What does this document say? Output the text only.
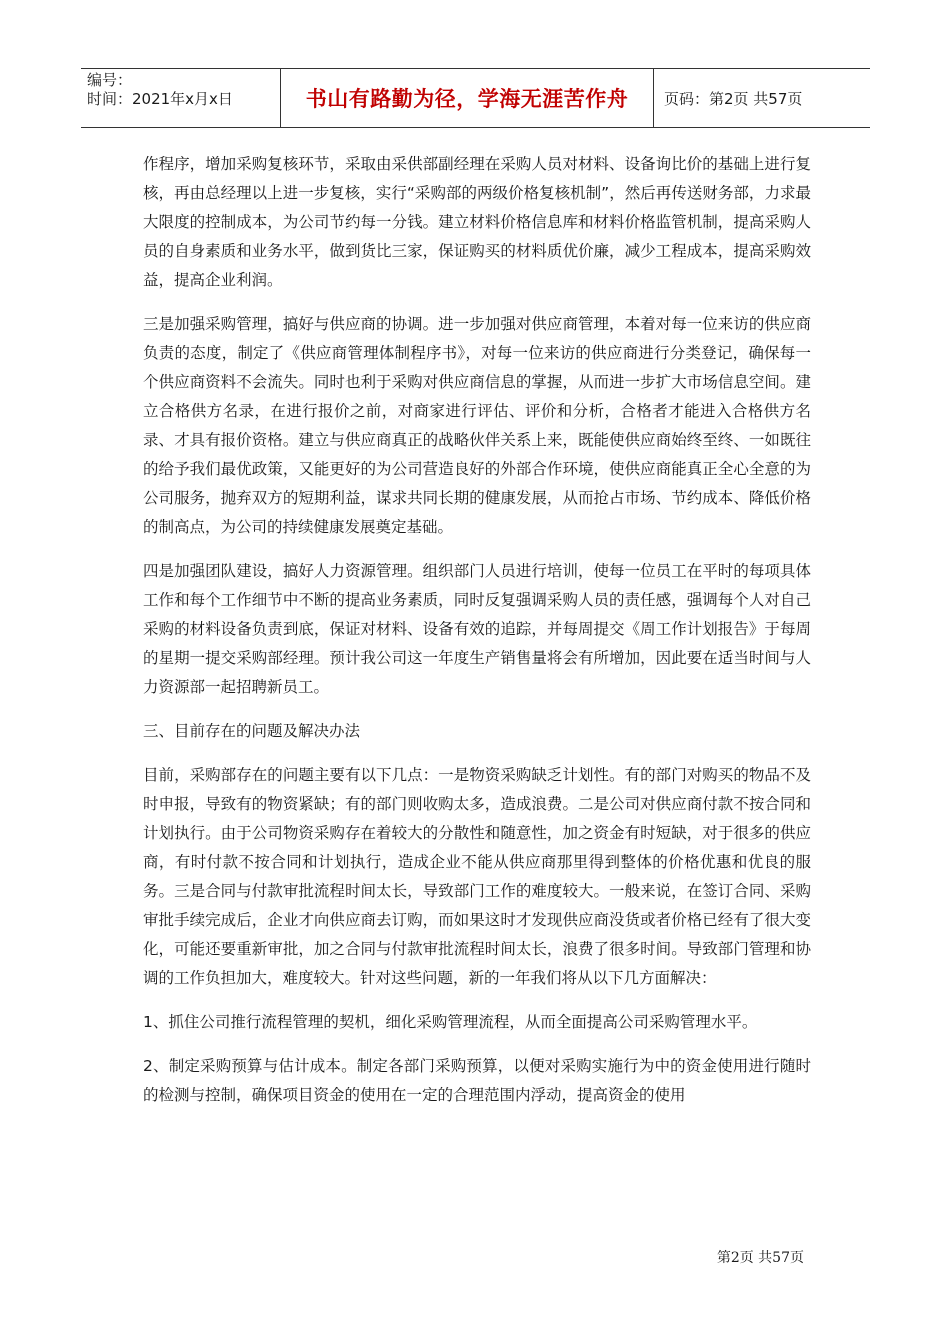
编号：
时间：2021年x月x日	书山有路勤为径，学海无涯苦作舟	页码：第2页 共57页

作程序，增加采购复核环节，采取由采供部副经理在采购人员对材料、设备询比价的基础上进行复核，再由总经理以上进一步复核，实行“采购部的两级价格复核机制”，然后再传送财务部，力求最大限度的控制成本，为公司节约每一分钱。建立材料价格信息库和材料价格监管机制，提高采购人员的自身素质和业务水平，做到货比三家，保证购买的材料质优价廉，减少工程成本，提高采购效益，提高企业利润。

三是加强采购管理，搞好与供应商的协调。进一步加强对供应商管理，本着对每一位来访的供应商负责的态度，制定了《供应商管理体制程序书》，对每一位来访的供应商进行分类登记，确保每一个供应商资料不会流失。同时也利于采购对供应商信息的掌握，从而进一步扩大市场信息空间。建立合格供方名录，在进行报价之前，对商家进行评估、评价和分析，合格者才能进入合格供方名录、才具有报价资格。建立与供应商真正的战略伙伴关系上来，既能使供应商始终至终、一如既往的给予我们最优政策，又能更好的为公司营造良好的外部合作环境，使供应商能真正全心全意的为公司服务，抛弃双方的短期利益，谋求共同长期的健康发展，从而抢占市场、节约成本、降低价格的制高点，为公司的持续健康发展奠定基础。

四是加强团队建设，搞好人力资源管理。组织部门人员进行培训，使每一位员工在平时的每项具体工作和每个工作细节中不断的提高业务素质，同时反复强调采购人员的责任感，强调每个人对自己采购的材料设备负责到底，保证对材料、设备有效的追踪，并每周提交《周工作计划报告》于每周的星期一提交采购部经理。预计我公司这一年度生产销售量将会有所增加，因此要在适当时间与人力资源部一起招聘新员工。

三、目前存在的问题及解决办法

目前，采购部存在的问题主要有以下几点：一是物资采购缺乏计划性。有的部门对购买的物品不及时申报，导致有的物资紧缺；有的部门则收购太多，造成浪费。二是公司对供应商付款不按合同和计划执行。由于公司物资采购存在着较大的分散性和随意性，加之资金有时短缺，对于很多的供应商，有时付款不按合同和计划执行，造成企业不能从供应商那里得到整体的价格优惠和优良的服务。三是合同与付款审批流程时间太长，导致部门工作的难度较大。一般来说，在签订合同、采购审批手续完成后，企业才向供应商去订购，而如果这时才发现供应商没货或者价格已经有了很大变化，可能还要重新审批，加之合同与付款审批流程时间太长，浪费了很多时间。导致部门管理和协调的工作负担加大，难度较大。针对这些问题，新的一年我们将从以下几方面解决：

1、抓住公司推行流程管理的契机，细化采购管理流程，从而全面提高公司采购管理水平。

2、制定采购预算与估计成本。制定各部门采购预算，以便对采购实施行为中的资金使用进行随时的检测与控制，确保项目资金的使用在一定的合理范围内浮动，提高资金的使用

第2页 共57页
